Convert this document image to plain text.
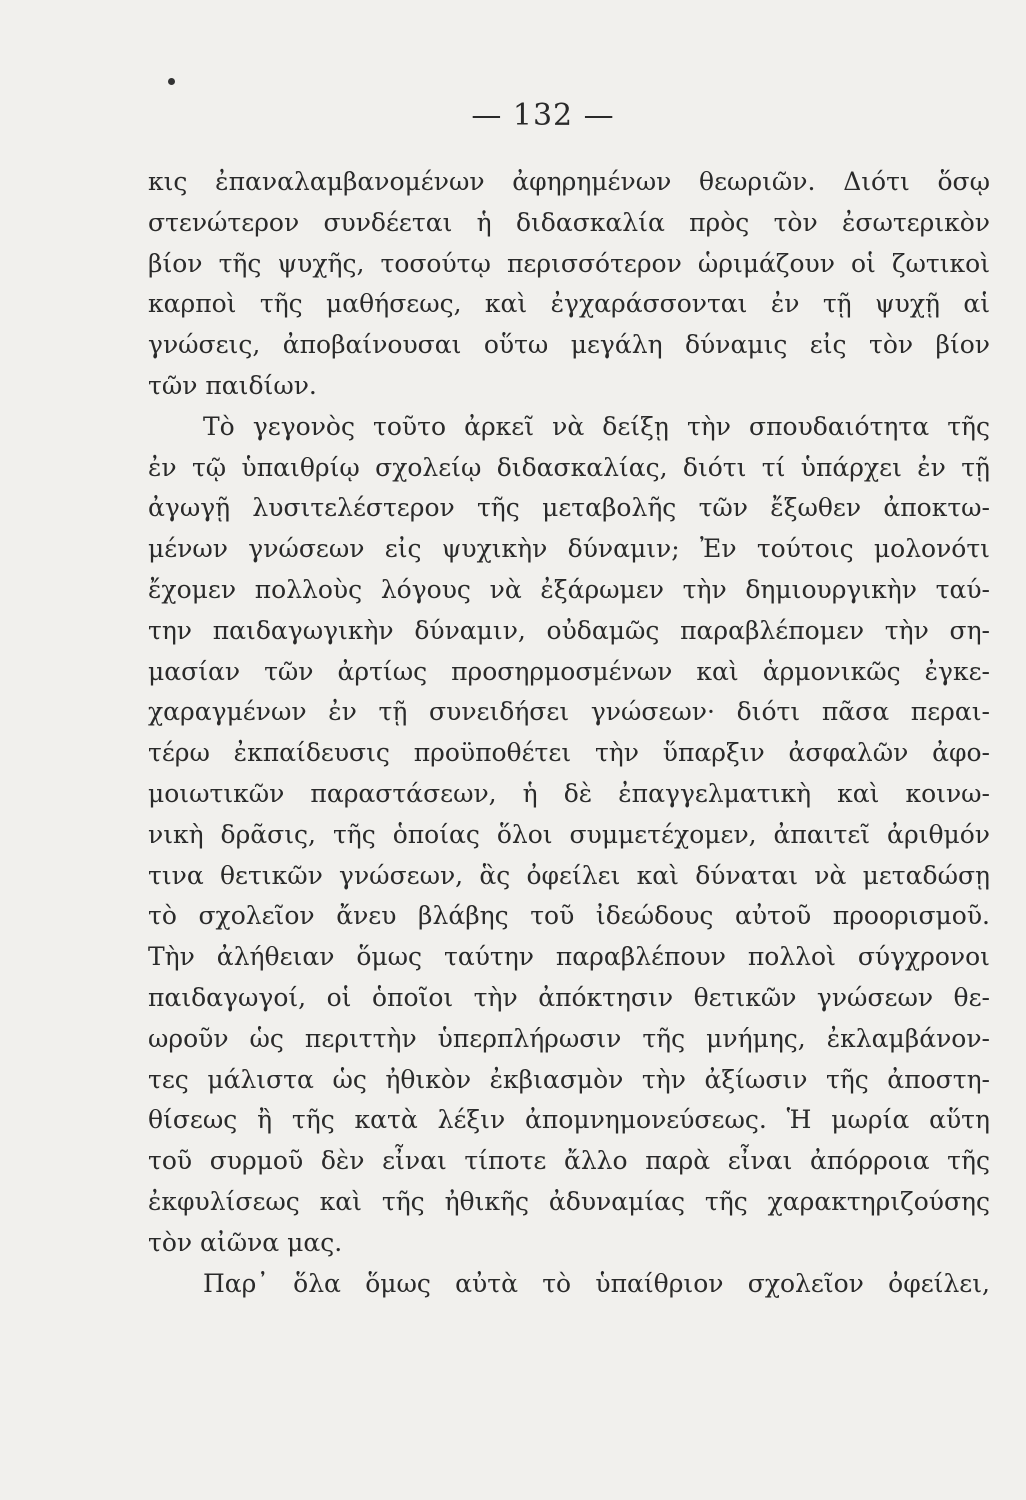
— 132 —
κις ἐπαναλαμβανομένων ἀφηρημένων θεωριῶν. Διότι ὅσῳ
στενώτερον συνδέεται ἡ διδασκαλία πρὸς τὸν ἐσωτερικὸν
βίον τῆς ψυχῆς, τοσούτῳ περισσότερον ὡριμάζουν οἱ ζωτικοὶ
καρποὶ τῆς μαθήσεως, καὶ ἐγχαράσσονται ἐν τῇ ψυχῇ αἱ
γνώσεις, ἀποβαίνουσαι οὕτω μεγάλη δύναμις εἰς τὸν βίον
τῶν παιδίων.
Τὸ γεγονὸς τοῦτο ἀρκεῖ νὰ δείξῃ τὴν σπουδαιότητα τῆς
ἐν τῷ ὑπαιθρίῳ σχολείῳ διδασκαλίας, διότι τί ὑπάρχει ἐν τῇ
ἀγωγῇ λυσιτελέστερον τῆς μεταβολῆς τῶν ἔξωθεν ἀποκτω-
μένων γνώσεων εἰς ψυχικὴν δύναμιν; Ἐν τούτοις μολονότι
ἔχομεν πολλοὺς λόγους νὰ ἐξάρωμεν τὴν δημιουργικὴν ταύ-
την παιδαγωγικὴν δύναμιν, οὐδαμῶς παραβλέπομεν τὴν ση-
μασίαν τῶν ἀρτίως προσηρμοσμένων καὶ ἁρμονικῶς ἐγκε-
χαραγμένων ἐν τῇ συνειδήσει γνώσεων· διότι πᾶσα περαι-
τέρω ἐκπαίδευσις προϋποθέτει τὴν ὕπαρξιν ἀσφαλῶν ἀφο-
μοιωτικῶν παραστάσεων, ἡ δὲ ἐπαγγελματικὴ καὶ κοινω-
νικὴ δρᾶσις, τῆς ὁποίας ὅλοι συμμετέχομεν, ἀπαιτεῖ ἀριθμόν
τινα θετικῶν γνώσεων, ἃς ὀφείλει καὶ δύναται νὰ μεταδώσῃ
τὸ σχολεῖον ἄνευ βλάβης τοῦ ἰδεώδους αὐτοῦ προορισμοῦ.
Τὴν ἀλήθειαν ὅμως ταύτην παραβλέπουν πολλοὶ σύγχρονοι
παιδαγωγοί, οἱ ὁποῖοι τὴν ἀπόκτησιν θετικῶν γνώσεων θε-
ωροῦν ὡς περιττὴν ὑπερπλήρωσιν τῆς μνήμης, ἐκλαμβάνον-
τες μάλιστα ὡς ἠθικὸν ἐκβιασμὸν τὴν ἀξίωσιν τῆς ἀποστη-
θίσεως ἢ τῆς κατὰ λέξιν ἀπομνημονεύσεως. Ἡ μωρία αὕτη
τοῦ συρμοῦ δὲν εἶναι τίποτε ἄλλο παρὰ εἶναι ἀπόρροια τῆς
ἐκφυλίσεως καὶ τῆς ἠθικῆς ἀδυναμίας τῆς χαρακτηριζούσης
τὸν αἰῶνα μας.
Παρ᾽ ὅλα ὅμως αὐτὰ τὸ ὑπαίθριον σχολεῖον ὀφείλει,
